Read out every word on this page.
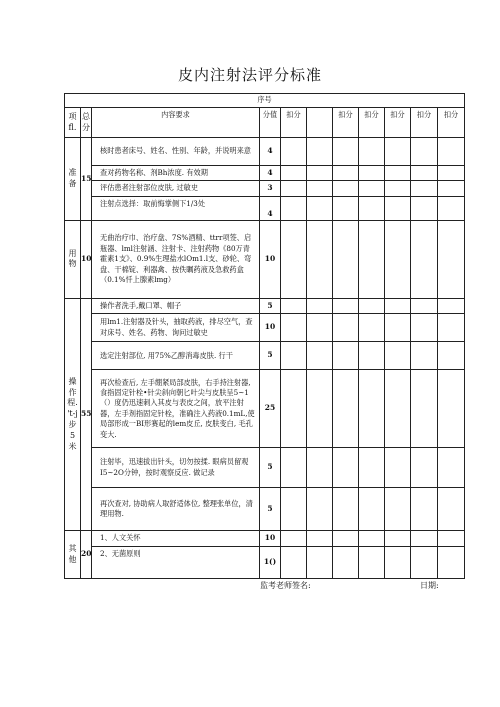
皮内注射法评分标准
序号										
项 fl.	总 分	内容要求	分值	扣分		扣分	扣分	扣分	扣分	扣分
准 备	15	核时患者床号、姓名、性别、年龄，并说明来意	4							
		查对药物名称、剂Bh浓度. 有效期	4							
		评估患者注射部位皮肤, 过敏史	3							
		注射点选择：取前悔掌侧下1/3处	4							
用 物	10	无曲治疗巾、治疗盘、7S%酒精、ttrr项签、启瓶器、lml注射涵、注射卡、注射药物《80万青霍素1支》、0.9%生理盐水lOm1.l支、砂轮、弯盘、干棉锭、利器禽、按佚瞩药液及急救药盒（0.1%忏上腺素lmg）	10							
操 作 程. 't-j 步 5米	55	操作者洗手,戴口罩、帽子	5							
		用lm1.注射器及针头，抽取药液，排尽空气，查对床号、姓名、药物、询问过敏史	10							
		选定注射部位, 用75%乙醇消毒皮肤. 行干	5							
		再次检查后, 左手绷紧局部皮肤，右手持注射器, 食指固定针栓•针尖斜向朝匕叶尖与皮肤呈5~1（）度仍迅速刺入其皮与表皮之间，放平注射器，左手剂指固定针栓，准确注入药液0.1mL,使局部形成一BI形赛起的lem皮丘, 皮肤变白, 毛孔变大.	25							
		注射毕，迅速拔出针头，切勿按揉. 眼病员留观I5~2O分钟，按时观察反应. 做记录	5							
		再次查对, 协助病人取舒适体位, 整理张单位，清理用物.	5							
其 他	20	1、人文关怀	10							
		2、无菌原则	1()							
监考老师签名:	日期:
